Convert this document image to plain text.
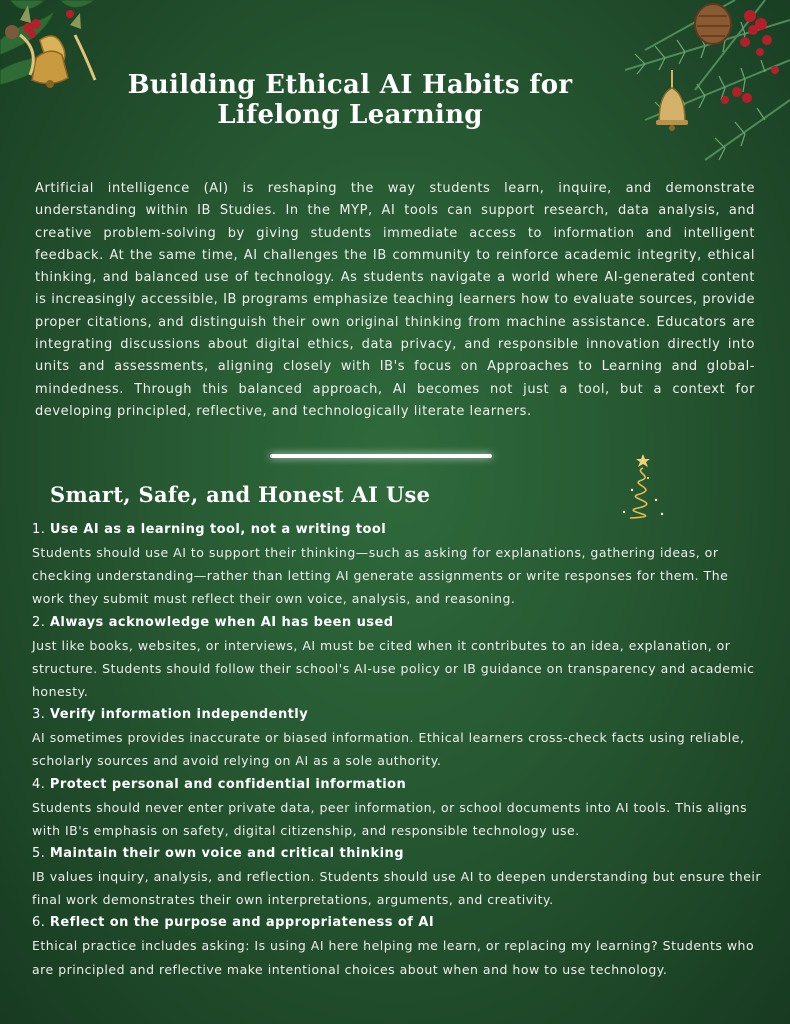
Building Ethical AI Habits for Lifelong Learning

Artificial intelligence (AI) is reshaping the way students learn, inquire, and demonstrate understanding within IB Studies. In the MYP, AI tools can support research, data analysis, and creative problem-solving by giving students immediate access to information and intelligent feedback. At the same time, AI challenges the IB community to reinforce academic integrity, ethical thinking, and balanced use of technology. As students navigate a world where AI-generated content is increasingly accessible, IB programs emphasize teaching learners how to evaluate sources, provide proper citations, and distinguish their own original thinking from machine assistance. Educators are integrating discussions about digital ethics, data privacy, and responsible innovation directly into units and assessments, aligning closely with IB's focus on Approaches to Learning and global-mindedness. Through this balanced approach, AI becomes not just a tool, but a context for developing principled, reflective, and technologically literate learners.

Smart, Safe, and Honest AI Use

1. Use AI as a learning tool, not a writing tool

Students should use AI to support their thinking—such as asking for explanations, gathering ideas, or checking understanding—rather than letting AI generate assignments or write responses for them. The work they submit must reflect their own voice, analysis, and reasoning.

2. Always acknowledge when AI has been used

Just like books, websites, or interviews, AI must be cited when it contributes to an idea, explanation, or structure. Students should follow their school's AI-use policy or IB guidance on transparency and academic honesty.

3. Verify information independently

AI sometimes provides inaccurate or biased information. Ethical learners cross-check facts using reliable, scholarly sources and avoid relying on AI as a sole authority.

4. Protect personal and confidential information

Students should never enter private data, peer information, or school documents into AI tools. This aligns with IB's emphasis on safety, digital citizenship, and responsible technology use.

5. Maintain their own voice and critical thinking

IB values inquiry, analysis, and reflection. Students should use AI to deepen understanding but ensure their final work demonstrates their own interpretations, arguments, and creativity.

6. Reflect on the purpose and appropriateness of AI

Ethical practice includes asking: Is using AI here helping me learn, or replacing my learning? Students who are principled and reflective make intentional choices about when and how to use technology.
